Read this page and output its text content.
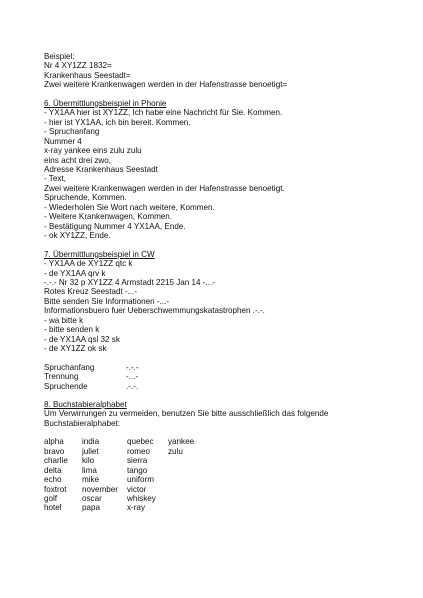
Beispiel:
Nr 4 XY1ZZ 1832=
Krankenhaus Seestadt=
Zwei weitere Krankenwagen werden in der Hafenstrasse benoetigt=
6. Übermittlungsbeispiel in Phonie
- YX1AA hier ist XY1ZZ, Ich habe eine Nachricht für Sie. Kommen.
- hier ist YX1AA, ich bin bereit. Kommen.
- Spruchanfang
Nummer 4
x-ray yankee eins zulu zulu
eins acht drei zwo,
Adresse Krankenhaus Seestadt
- Text,
Zwei weitere Krankenwagen werden in der Hafenstrasse benoetigt.
Spruchende, Kommen.
- Wiederholen Sie Wort nach weitere, Kommen.
- Weitere Krankenwagen, Kommen.
- Bestätigung Nummer 4 YX1AA, Ende.
- ok XY1ZZ, Ende.
7. Übermittlungsbeispiel in CW
- YX1AA de XY1ZZ qtc k
- de YX1AA qrv k
-.-.- Nr 32 p XY1ZZ 4 Armstadt 2215 Jan 14 -...-
Rotes Kreuz Seestadt -...-
Bitte senden Sie Informationen -...-
Informationsbuero fuer Ueberschwemmungskatastrophen .-.-.
- wa bitte k
- bitte senden k
- de YX1AA qsl 32 sk
- de XY1ZZ ok sk
Spruchanfang	-.-.-
Trennung	-...-
Spruchende	.-.-.
8. Buchstabieralphabet
Um Verwirrungen zu vermeiden, benutzen Sie bitte ausschließlich das folgende
Buchstabieralphabet:
alpha	india	quebec	yankee
bravo	juliet	romeo	zulu
charlie	kilo	sierra
delta	lima	tango
echo	mike	uniform
foxtrot	november	victor
golf	oscar	whiskey
hotel	papa	x-ray
